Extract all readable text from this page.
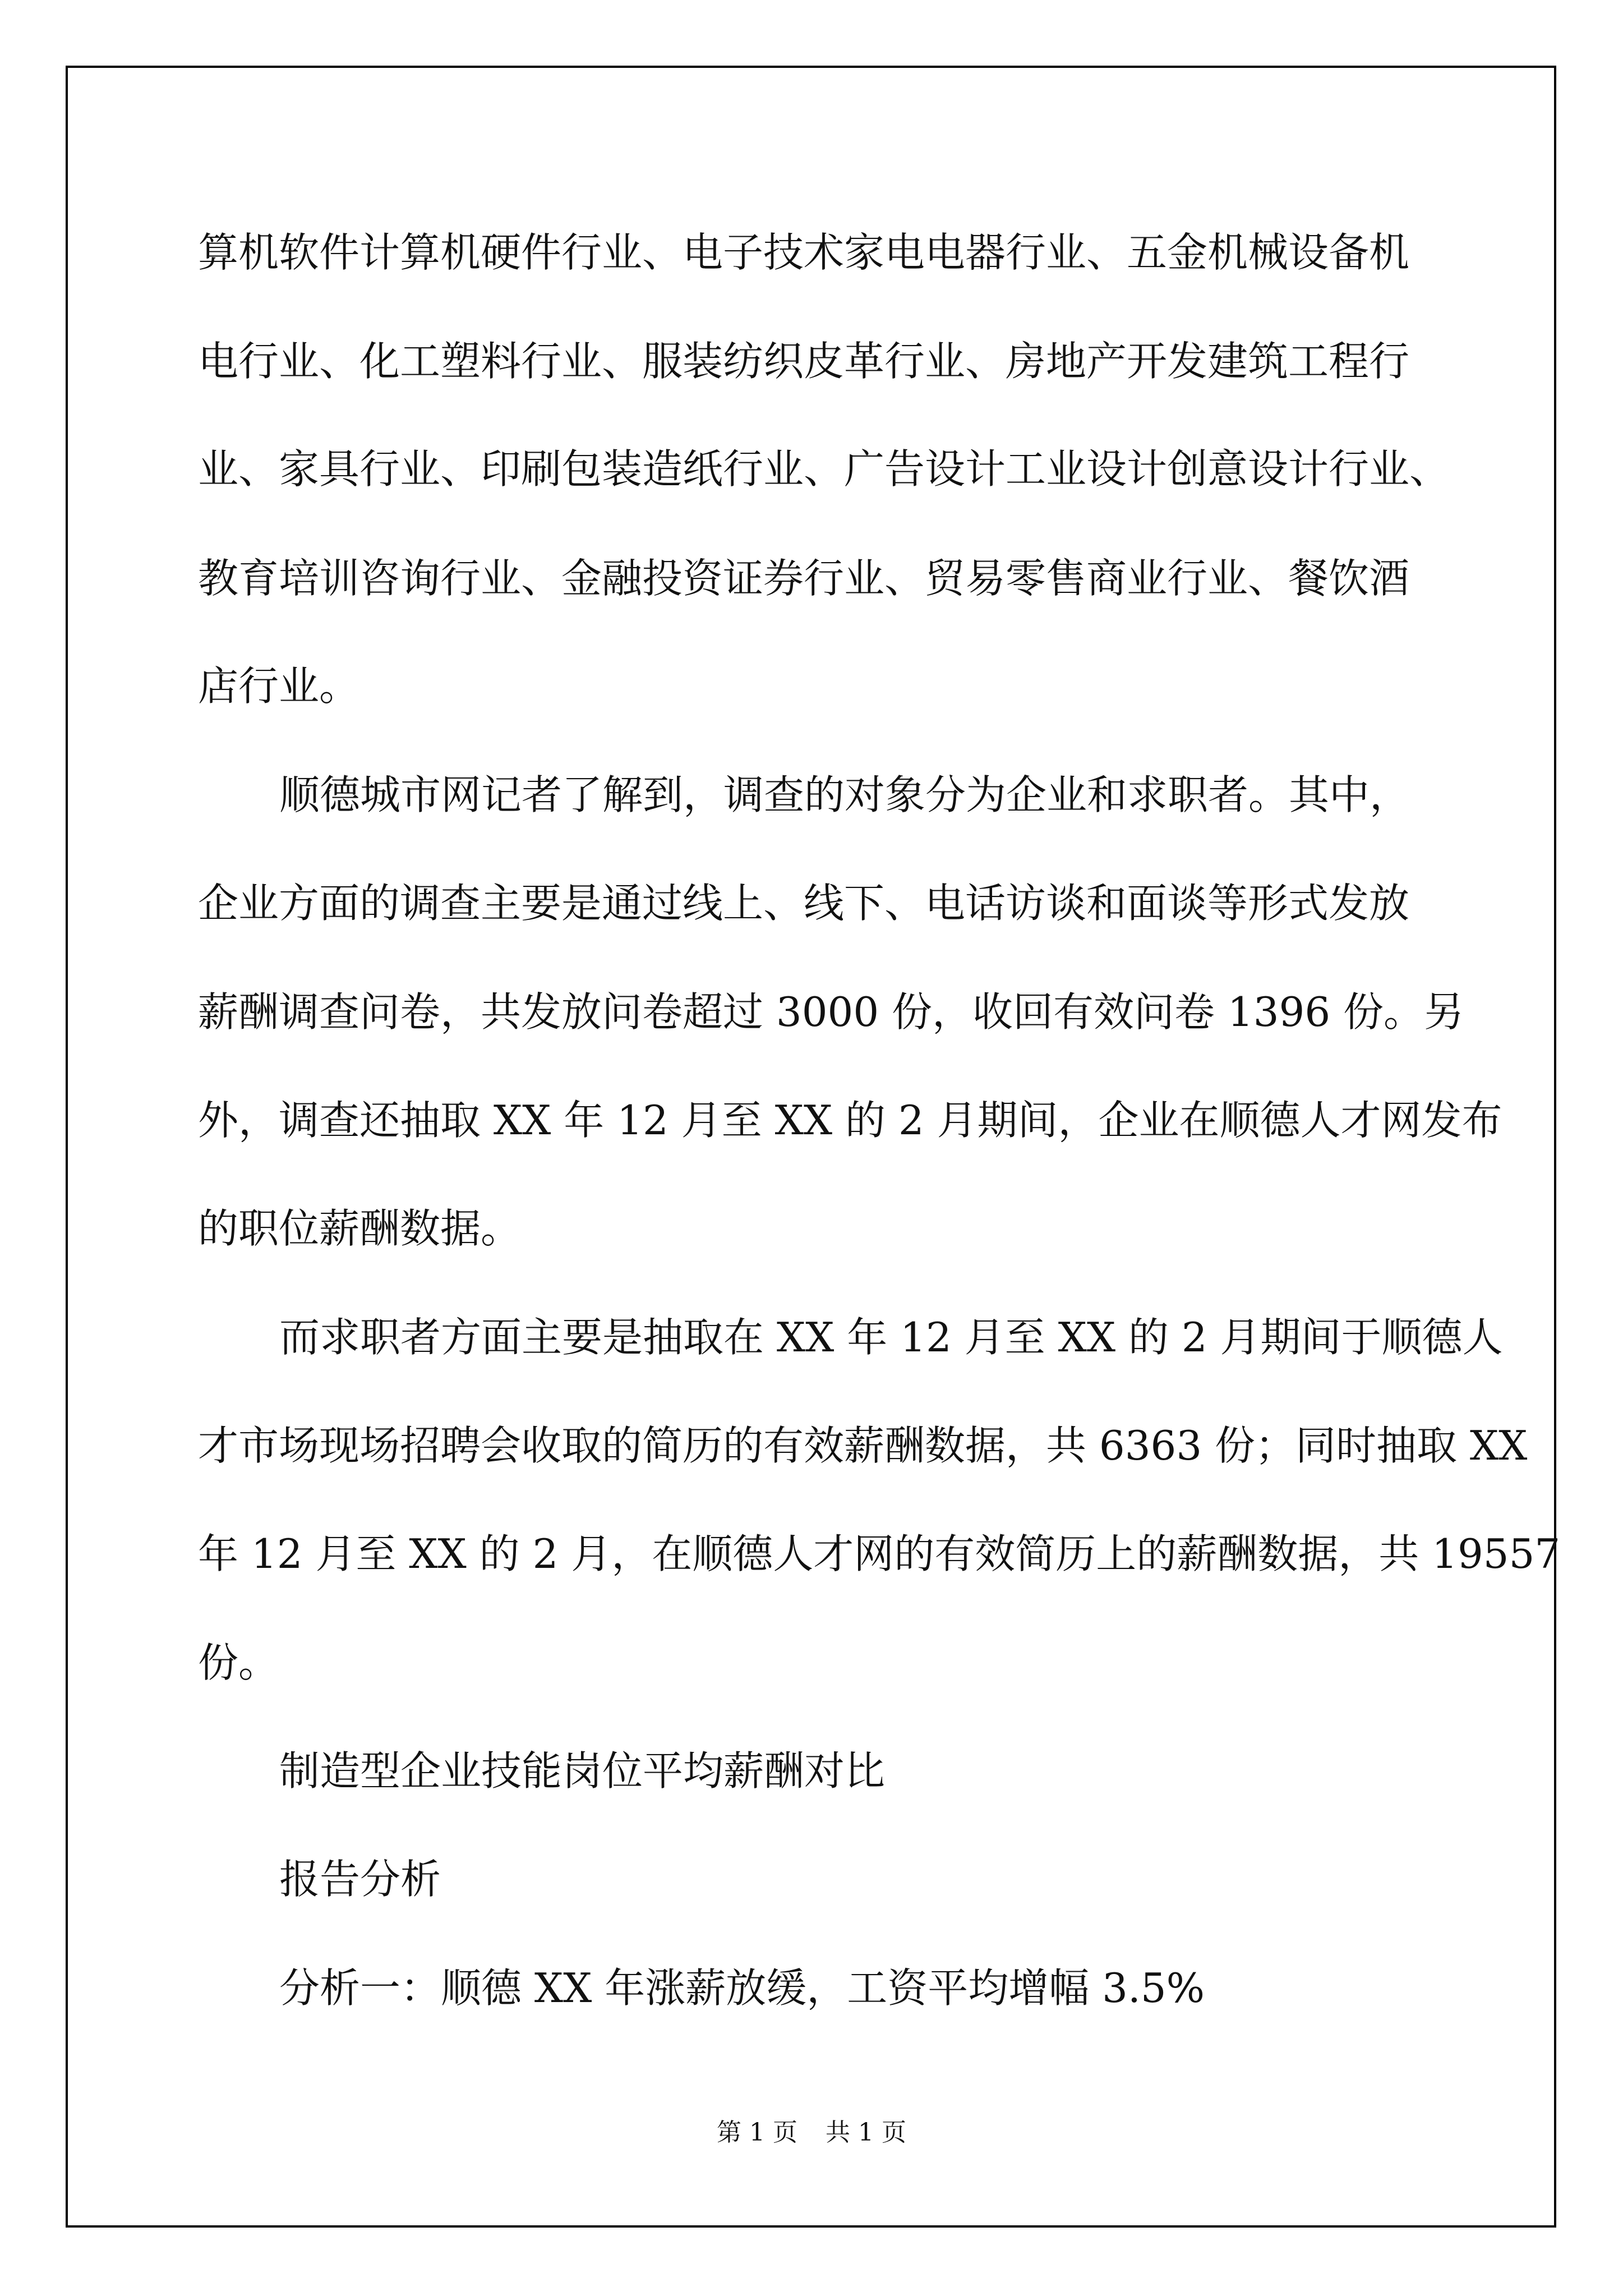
算机软件计算机硬件行业、电子技术家电电器行业、五金机械设备机

电行业、化工塑料行业、服装纺织皮革行业、房地产开发建筑工程行

业、家具行业、印刷包装造纸行业、广告设计工业设计创意设计行业、

教育培训咨询行业、金融投资证券行业、贸易零售商业行业、餐饮酒

店行业。

顺德城市网记者了解到，调查的对象分为企业和求职者。其中，

企业方面的调查主要是通过线上、线下、电话访谈和面谈等形式发放

薪酬调查问卷，共发放问卷超过 3000 份，收回有效问卷 1396 份。另

外，调查还抽取 XX 年 12 月至 XX 的 2 月期间，企业在顺德人才网发布

的职位薪酬数据。

而求职者方面主要是抽取在 XX 年 12 月至 XX 的 2 月期间于顺德人

才市场现场招聘会收取的简历的有效薪酬数据，共 6363 份；同时抽取 XX

年 12 月至 XX 的 2 月，在顺德人才网的有效简历上的薪酬数据，共 19557

份。

制造型企业技能岗位平均薪酬对比

报告分析

分析一：顺德 XX 年涨薪放缓，工资平均增幅 3.5%

第 1 页 共 1 页
